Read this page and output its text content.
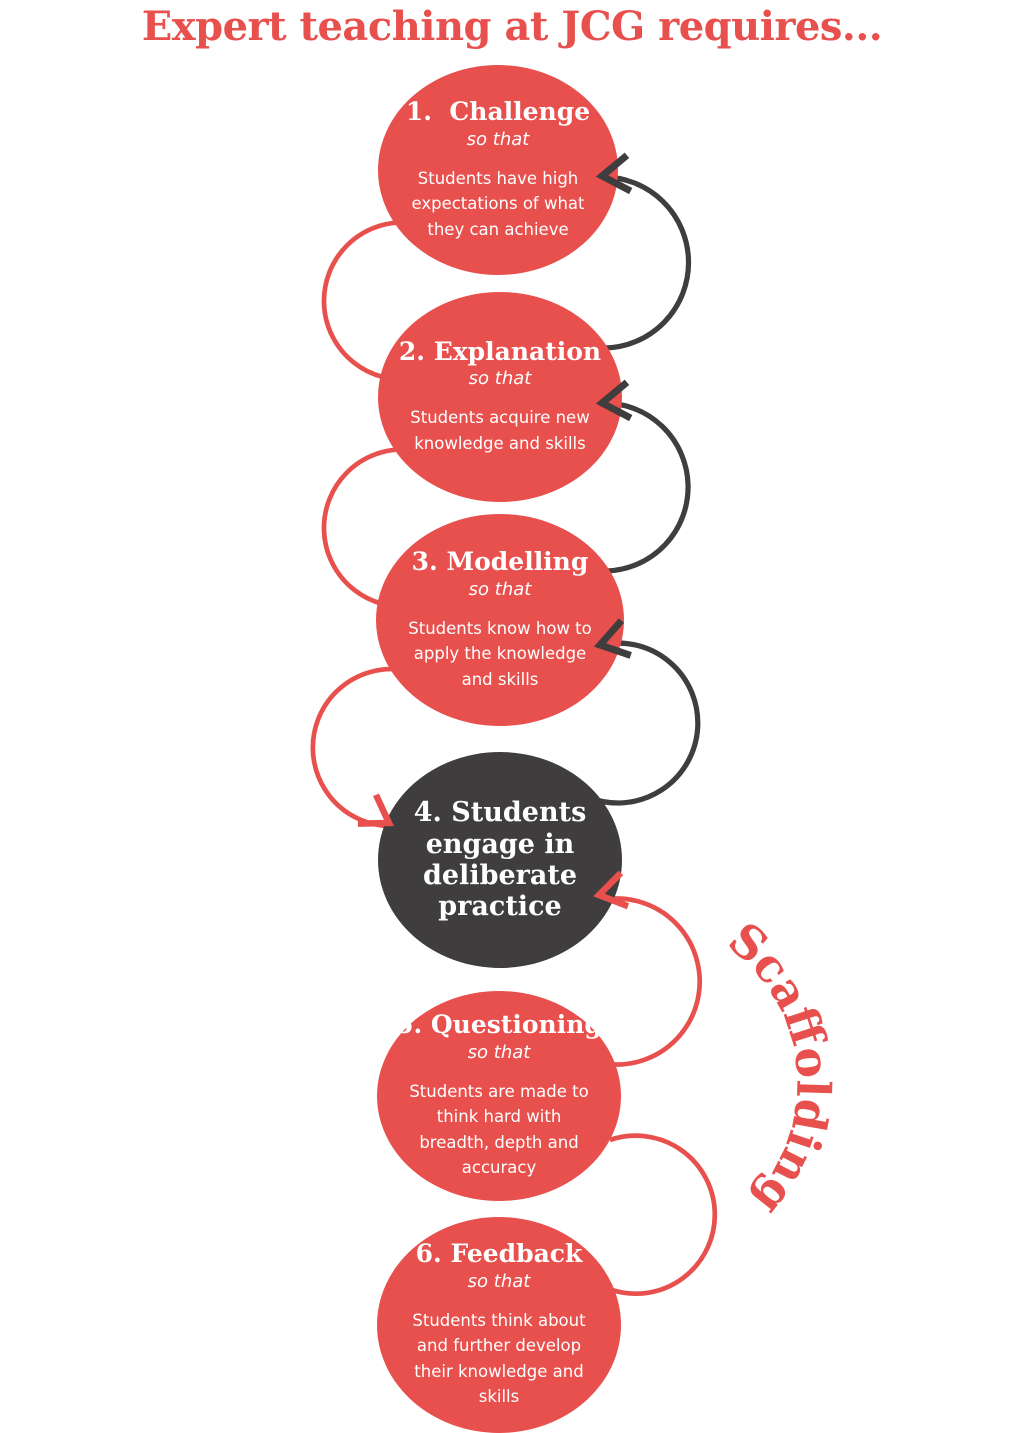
Expert teaching at JCG requires...
1.  Challenge
so that
Students have high expectations of what they can achieve
2. Explanation
so that
Students acquire new knowledge and skills
3. Modelling
so that
Students know how to apply the knowledge and skills
4. Students engage in deliberate practice
5. Questioning
so that
Students are made to think hard with breadth, depth and accuracy
6. Feedback
so that
Students think about and further develop their knowledge and skills
Scaffolding
